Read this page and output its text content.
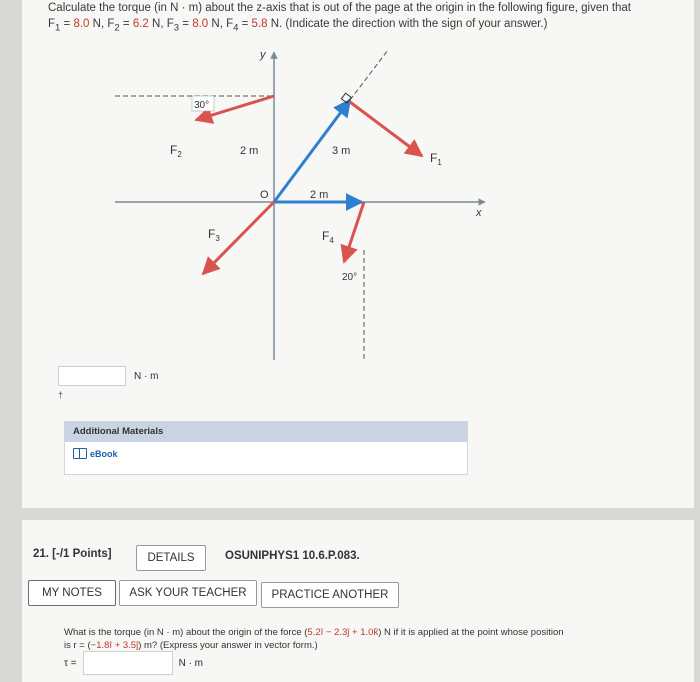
Calculate the torque (in N · m) about the z-axis that is out of the page at the origin in the following figure, given that
$F_1 = 8.0$ N, $F_2 = 6.2$ N, $F_3 = 8.0$ N, $F_4 = 5.8$ N. (Indicate the direction with the sign of your answer.)
y
x
O
30°
20°
2 m	3 m
2 m
$F_2$	$F_1$
$F_3$	$F_4$
N · m
†
Additional Materials
eBook
21. [-/1 Points]	DETAILS	OSUNIPHYS1 10.6.P.083.
MY NOTES	ASK YOUR TEACHER	PRACTICE ANOTHER
What is the torque (in N · m) about the origin of the force (5.2î − 2.3ĵ + 1.0k̂) N if it is applied at the point whose position
is r = (−1.8î + 3.5ĵ) m? (Express your answer in vector form.)
τ =	N · m
